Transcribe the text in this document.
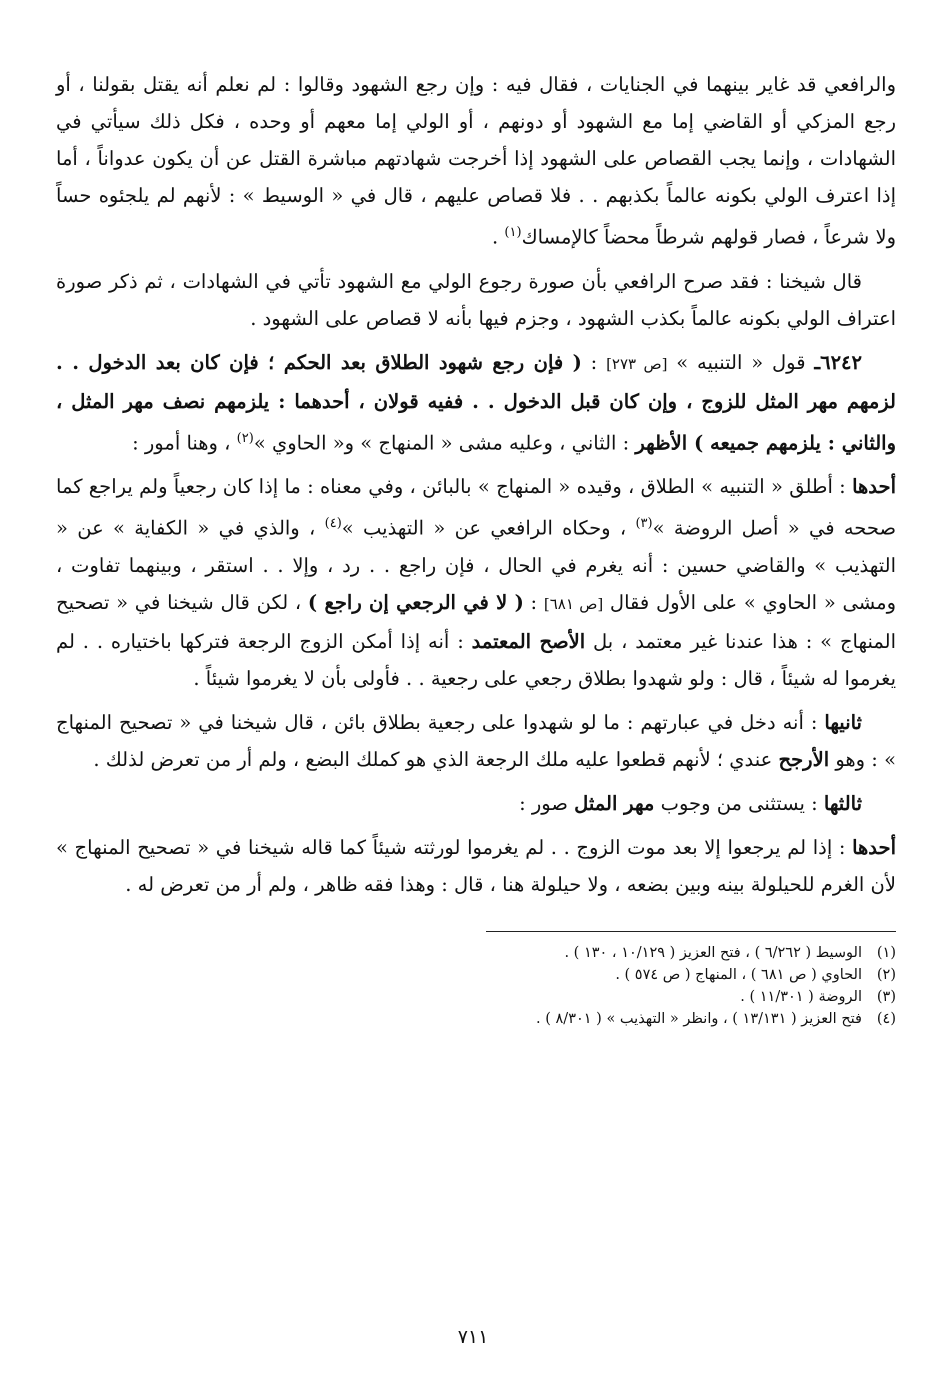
والرافعي قد غاير بينهما في الجنايات ، فقال فيه : وإن رجع الشهود وقالوا : لم نعلم أنه يقتل بقولنا ، أو رجع المزكي أو القاضي إما مع الشهود أو دونهم ، أو الولي إما معهم أو وحده ، فكل ذلك سيأتي في الشهادات ، وإنما يجب القصاص على الشهود إذا أخرجت شهادتهم مباشرة القتل عن أن يكون عدواناً ، أما إذا اعترف الولي بكونه عالماً بكذبهم . . فلا قصاص عليهم ، قال في « الوسيط » : لأنهم لم يلجئوه حساً ولا شرعاً ، فصار قولهم شرطاً محضاً كالإمساك$^{(١)}$ .

قال شيخنا : فقد صرح الرافعي بأن صورة رجوع الولي مع الشهود تأتي في الشهادات ، ثم ذكر صورة اعتراف الولي بكونه عالماً بكذب الشهود ، وجزم فيها بأنه لا قصاص على الشهود .

٦٢٤٢ـ قول « التنبيه » [ص ٢٧٣] : ( فإن رجع شهود الطلاق بعد الحكم ؛ فإن كان بعد الدخول . . لزمهم مهر المثل للزوج ، وإن كان قبل الدخول . . ففيه قولان ، أحدهما : يلزمهم نصف مهر المثل ، والثاني : يلزمهم جميعه ) الأظهر : الثاني ، وعليه مشى « المنهاج » و« الحاوي »$^{(٢)}$ ، وهنا أمور :

أحدها : أطلق « التنبيه » الطلاق ، وقيده « المنهاج » بالبائن ، وفي معناه : ما إذا كان رجعياً ولم يراجع كما صححه في « أصل الروضة »$^{(٣)}$ ، وحكاه الرافعي عن « التهذيب »$^{(٤)}$ ، والذي في « الكفاية » عن « التهذيب » والقاضي حسين : أنه يغرم في الحال ، فإن راجع . . رد ، وإلا . . استقر ، وبينهما تفاوت ، ومشى « الحاوي » على الأول فقال [ص ٦٨١] : ( لا في الرجعي إن راجع ) ، لكن قال شيخنا في « تصحيح المنهاج » : هذا عندنا غير معتمد ، بل الأصح المعتمد : أنه إذا أمكن الزوج الرجعة فتركها باختياره . . لم يغرموا له شيئاً ، قال : ولو شهدوا بطلاق رجعي على رجعية . . فأولى بأن لا يغرموا شيئاً .

ثانيها : أنه دخل في عبارتهم : ما لو شهدوا على رجعية بطلاق بائن ، قال شيخنا في « تصحيح المنهاج » : وهو الأرجح عندي ؛ لأنهم قطعوا عليه ملك الرجعة الذي هو كملك البضع ، ولم أر من تعرض لذلك .

ثالثها : يستثنى من وجوب مهر المثل صور :

أحدها : إذا لم يرجعوا إلا بعد موت الزوج . . لم يغرموا لورثته شيئاً كما قاله شيخنا في « تصحيح المنهاج » لأن الغرم للحيلولة بينه وبين بضعه ، ولا حيلولة هنا ، قال : وهذا فقه ظاهر ، ولم أر من تعرض له .

(١)
الوسيط ( ٦/٢٦٢ ) ، فتح العزيز ( ١٠/١٢٩ ، ١٣٠ ) .
(٢)
الحاوي ( ص ٦٨١ ) ، المنهاج ( ص ٥٧٤ ) .
(٣)
الروضة ( ١١/٣٠١ ) .
(٤)
فتح العزيز ( ١٣/١٣١ ) ، وانظر « التهذيب » ( ٨/٣٠١ ) .
٧١١
